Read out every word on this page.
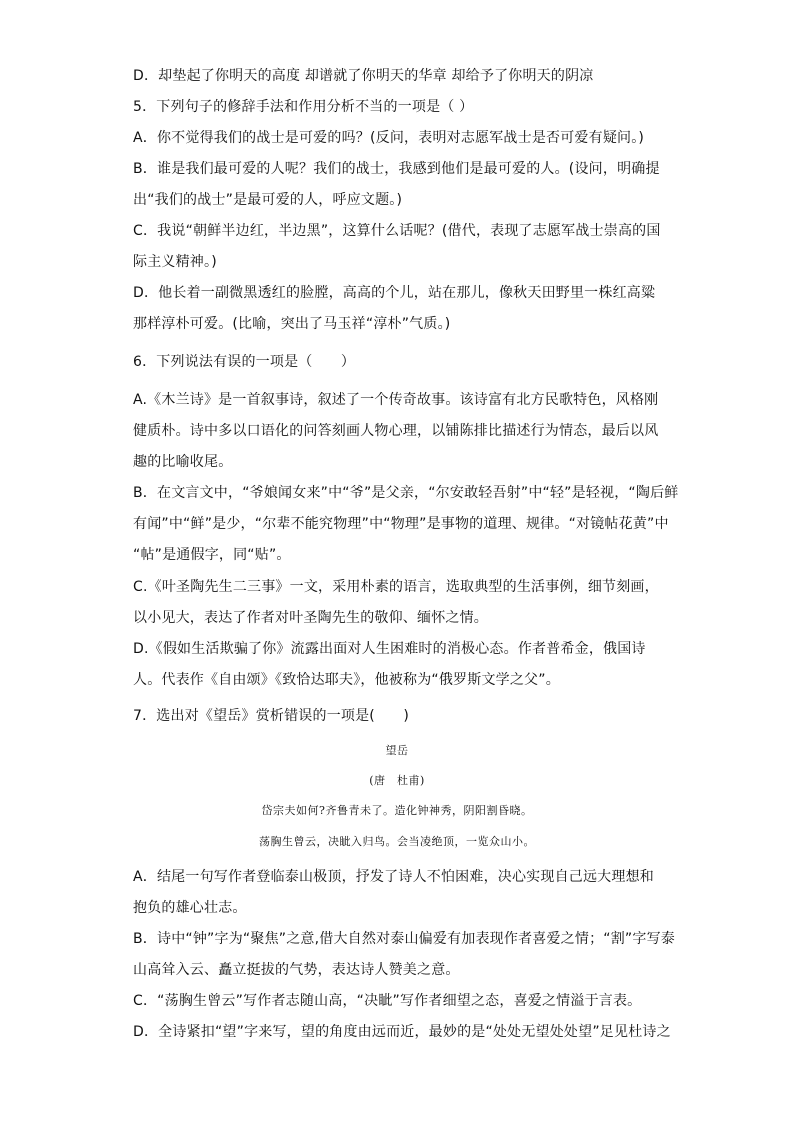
D．却垫起了你明天的高度 却谱就了你明天的华章 却给予了你明天的阴凉
5．下列句子的修辞手法和作用分析不当的一项是（ ）
A．你不觉得我们的战士是可爱的吗？(反问，表明对志愿军战士是否可爱有疑问。)
B．谁是我们最可爱的人呢？我们的战士，我感到他们是最可爱的人。(设问，明确提
出“我们的战士”是最可爱的人，呼应文题。)
C．我说“朝鲜半边红，半边黑”，这算什么话呢？(借代，表现了志愿军战士崇高的国
际主义精神。)
D．他长着一副微黑透红的脸膛，高高的个儿，站在那儿，像秋天田野里一株红高粱
那样淳朴可爱。(比喻，突出了马玉祥“淳朴”气质。)
6．下列说法有误的一项是（　　）
A.《木兰诗》是一首叙事诗，叙述了一个传奇故事。该诗富有北方民歌特色，风格刚
健质朴。诗中多以口语化的问答刻画人物心理，以铺陈排比描述行为情态，最后以风
趣的比喻收尾。
B．在文言文中，“爷娘闻女来”中“爷”是父亲，“尔安敢轻吾射”中“轻”是轻视，“陶后鲜
有闻”中“鲜”是少，“尔辈不能究物理”中“物理”是事物的道理、规律。“对镜帖花黄”中
“帖”是通假字，同“贴”。
C.《叶圣陶先生二三事》一文，采用朴素的语言，选取典型的生活事例，细节刻画，
以小见大，表达了作者对叶圣陶先生的敬仰、缅怀之情。
D.《假如生活欺骗了你》流露出面对人生困难时的消极心态。作者普希金，俄国诗
人。代表作《自由颂》《致恰达耶夫》，他被称为“俄罗斯文学之父”。
7．选出对《望岳》赏析错误的一项是(　　)
望岳
(唐　杜甫)
岱宗夫如何?齐鲁青未了。造化钟神秀，阴阳割昏晓。
荡胸生曾云，决眦入归鸟。会当凌绝顶，一览众山小。
A．结尾一句写作者登临泰山极顶，抒发了诗人不怕困难，决心实现自己远大理想和
抱负的雄心壮志。
B．诗中“钟”字为“聚焦”之意,借大自然对泰山偏爱有加表现作者喜爱之情；“割”字写泰
山高耸入云、矗立挺拔的气势，表达诗人赞美之意。
C．“荡胸生曾云”写作者志随山高，“决眦”写作者细望之态，喜爱之情溢于言表。
D．全诗紧扣“望”字来写，望的角度由远而近，最妙的是“处处无望处处望”足见杜诗之
